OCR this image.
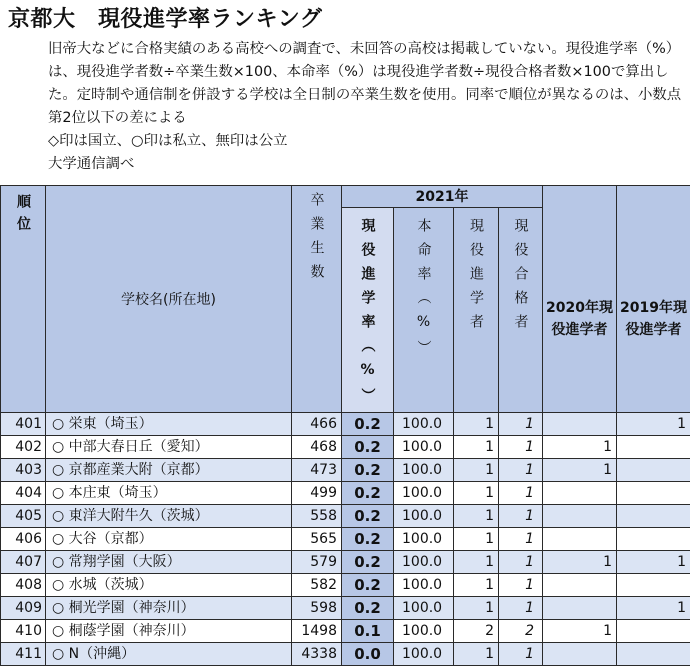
京都大　現役進学率ランキング

旧帝大などに合格実績のある高校への調査で、未回答の高校は掲載していない。現役進学率（%）は、現役進学者数÷卒業生数×100、本命率（%）は現役進学者数÷現役合格者数×100で算出した。定時制や通信制を併設する学校は全日制の卒業生数を使用。同率で順位が異なるのは、小数点第2位以下の差による

◇印は国立、○印は私立、無印は公立

大学通信調べ

順位	学校名(所在地)	卒業生数	2021年				2020年現役進学者	2019年現役進学者

			現役進学率（%）	本命率（%）	現役進学者	現役合格者		

401	○ 栄東（埼玉）	466	0.2	100.0	1	1		1
402	○ 中部大春日丘（愛知）	468	0.2	100.0	1	1	1	
403	○ 京都産業大附（京都）	473	0.2	100.0	1	1	1	
404	○ 本庄東（埼玉）	499	0.2	100.0	1	1		
405	○ 東洋大附牛久（茨城）	558	0.2	100.0	1	1		
406	○ 大谷（京都）	565	0.2	100.0	1	1		
407	○ 常翔学園（大阪）	579	0.2	100.0	1	1	1	1
408	○ 水城（茨城）	582	0.2	100.0	1	1		
409	○ 桐光学園（神奈川）	598	0.2	100.0	1	1		1
410	○ 桐蔭学園（神奈川）	1498	0.1	100.0	2	2	1	
411	○ N（沖縄）	4338	0.0	100.0	1	1		
